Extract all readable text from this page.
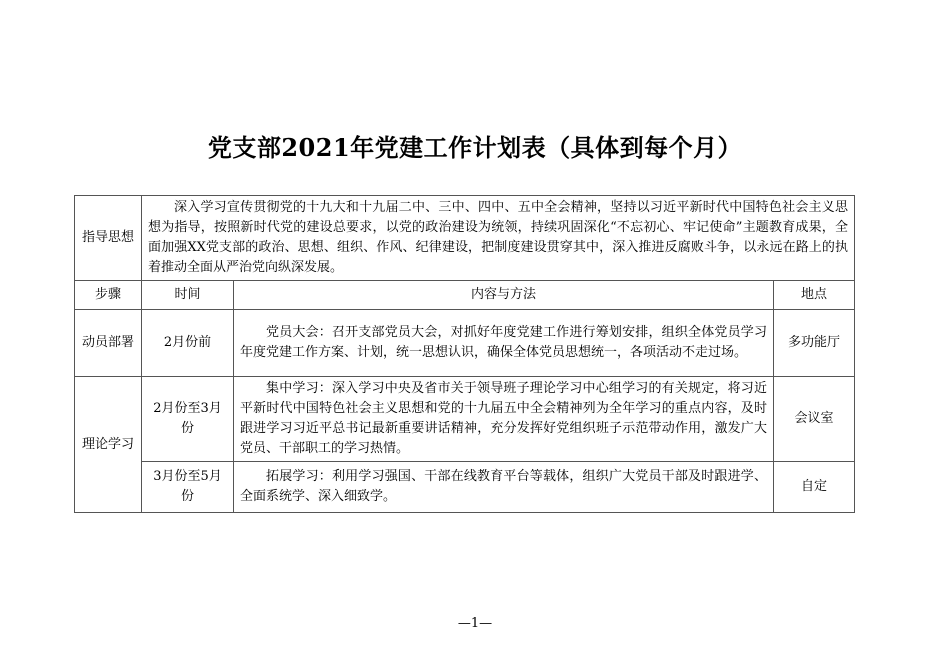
党支部2021年党建工作计划表（具体到每个月）
指导思想	深入学习宣传贯彻党的十九大和十九届二中、三中、四中、五中全会精神，坚持以习近平新时代中国特色社会主义思想为指导，按照新时代党的建设总要求，以党的政治建设为统领，持续巩固深化“不忘初心、牢记使命”主题教育成果，全面加强XX党支部的政治、思想、组织、作风、纪律建设，把制度建设贯穿其中，深入推进反腐败斗争，以永远在路上的执着推动全面从严治党向纵深发展。		
步骤	时间	内容与方法	地点
动员部署	2月份前	党员大会：召开支部党员大会，对抓好年度党建工作进行筹划安排，组织全体党员学习年度党建工作方案、计划，统一思想认识，确保全体党员思想统一，各项活动不走过场。	多功能厅
理论学习	2月份至3月份	集中学习：深入学习中央及省市关于领导班子理论学习中心组学习的有关规定，将习近平新时代中国特色社会主义思想和党的十九届五中全会精神列为全年学习的重点内容，及时跟进学习习近平总书记最新重要讲话精神，充分发挥好党组织班子示范带动作用，激发广大党员、干部职工的学习热情。	会议室
	3月份至5月份	拓展学习：利用学习强国、干部在线教育平台等载体，组织广大党员干部及时跟进学、全面系统学、深入细致学。	自定
—1—
